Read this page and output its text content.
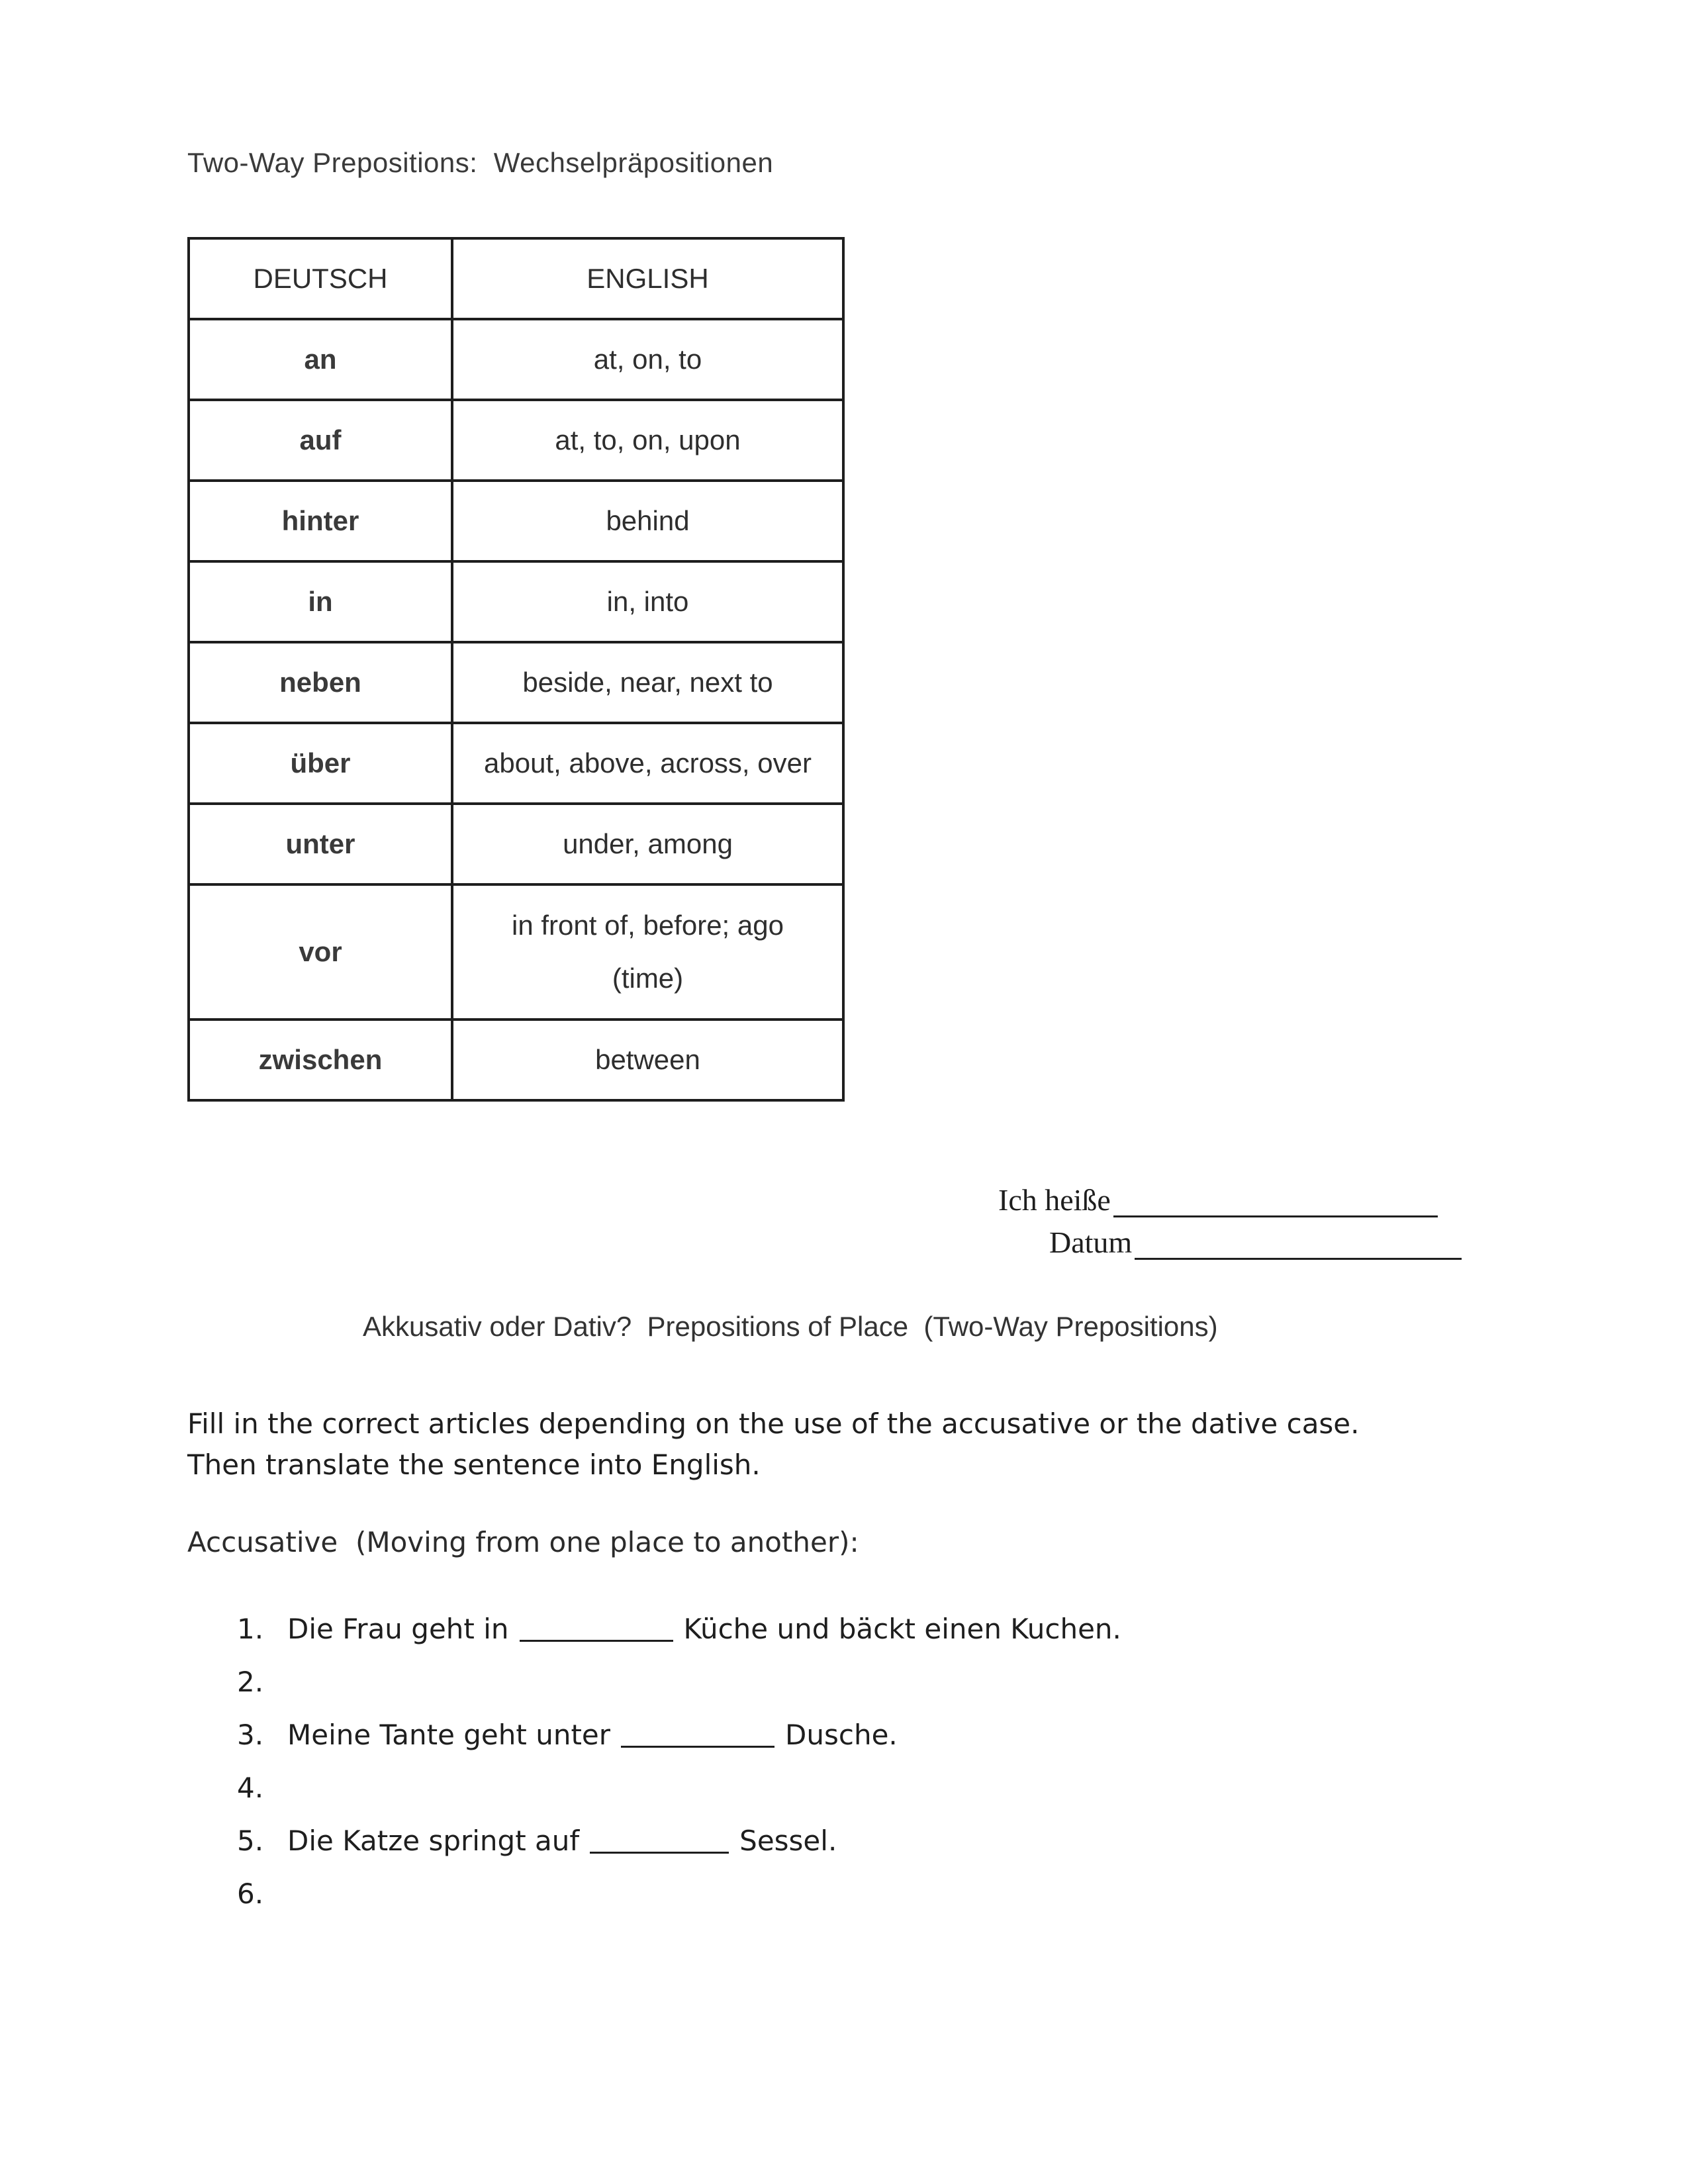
Two-Way Prepositions:  Wechselpräpositionen
DEUTSCH	ENGLISH
an	at, on, to
auf	at, to, on, upon
hinter	behind
in	in, into
neben	beside, near, next to
über	about, above, across, over
unter	under, among
vor	in front of, before; ago
(time)

zwischen	between
Ich heiße
Datum
Akkusativ oder Dativ?  Prepositions of Place  (Two-Way Prepositions)
Fill in the correct articles depending on the use of the accusative or the dative case.
Then translate the sentence into English.
Accusative  (Moving from one place to another):
1. Die Frau geht in	Küche und bäckt einen Kuchen.
2.
3. Meine Tante geht unter	Dusche.
4.
5. Die Katze springt auf	Sessel.
6.
